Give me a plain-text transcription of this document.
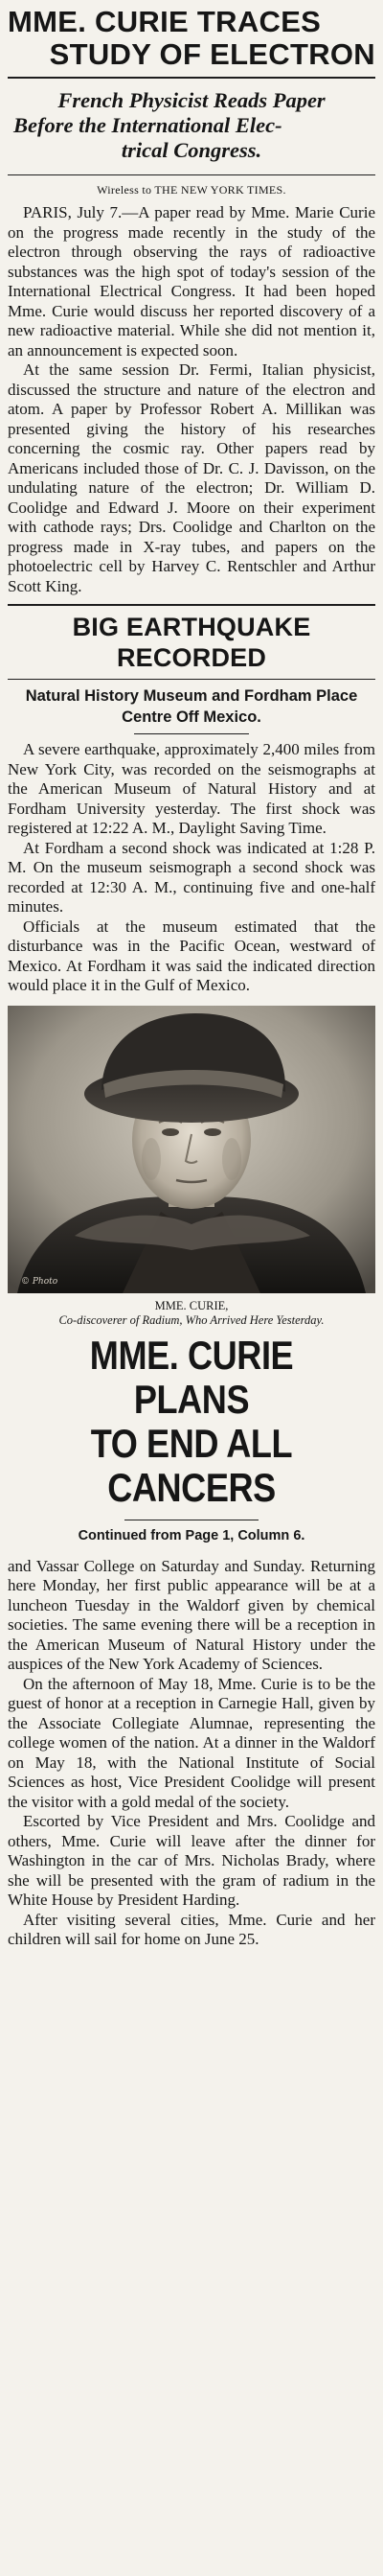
MME. CURIE TRACES
STUDY OF ELECTRON
French Physicist Reads Paper
Before the International Elec-
trical Congress.
Wireless to THE NEW YORK TIMES.

PARIS, July 7.—A paper read by Mme. Marie Curie on the progress made recently in the study of the electron through observing the rays of radioactive substances was the high spot of today's session of the International Electrical Congress. It had been hoped Mme. Curie would discuss her reported discovery of a new radioactive material. While she did not mention it, an announcement is expected soon.

At the same session Dr. Fermi, Italian physicist, discussed the structure and nature of the electron and atom. A paper by Professor Robert A. Millikan was presented giving the history of his researches concerning the cosmic ray. Other papers read by Americans included those of Dr. C. J. Davisson, on the undulating nature of the electron; Dr. William D. Coolidge and Edward J. Moore on their experiment with cathode rays; Drs. Coolidge and Charlton on the progress made in X-ray tubes, and papers on the photoelectric cell by Harvey C. Rentschler and Arthur Scott King.

BIG EARTHQUAKE RECORDED
Natural History Museum and Fordham Place Centre Off Mexico.

A severe earthquake, approximately 2,400 miles from New York City, was recorded on the seismographs at the American Museum of Natural History and at Fordham University yesterday. The first shock was registered at 12:22 A. M., Daylight Saving Time.

At Fordham a second shock was indicated at 1:28 P. M. On the museum seismograph a second shock was recorded at 12:30 A. M., continuing five and one-half minutes.

Officials at the museum estimated that the disturbance was in the Pacific Ocean, westward of Mexico. At Fordham it was said the indicated direction would place it in the Gulf of Mexico.

© Photo
MME. CURIE,
Co-discoverer of Radium, Who Arrived Here Yesterday.
MME. CURIE PLANS
TO END ALL CANCERS
Continued from Page 1, Column 6.

and Vassar College on Saturday and Sunday. Returning here Monday, her first public appearance will be at a luncheon Tuesday in the Waldorf given by chemical societies. The same evening there will be a reception in the American Museum of Natural History under the auspices of the New York Academy of Sciences.

On the afternoon of May 18, Mme. Curie is to be the guest of honor at a reception in Carnegie Hall, given by the Associate Collegiate Alumnae, representing the college women of the nation. At a dinner in the Waldorf on May 18, with the National Institute of Social Sciences as host, Vice President Coolidge will present the visitor with a gold medal of the society.

Escorted by Vice President and Mrs. Coolidge and others, Mme. Curie will leave after the dinner for Washington in the car of Mrs. Nicholas Brady, where she will be presented with the gram of radium in the White House by President Harding.

After visiting several cities, Mme. Curie and her children will sail for home on June 25.
